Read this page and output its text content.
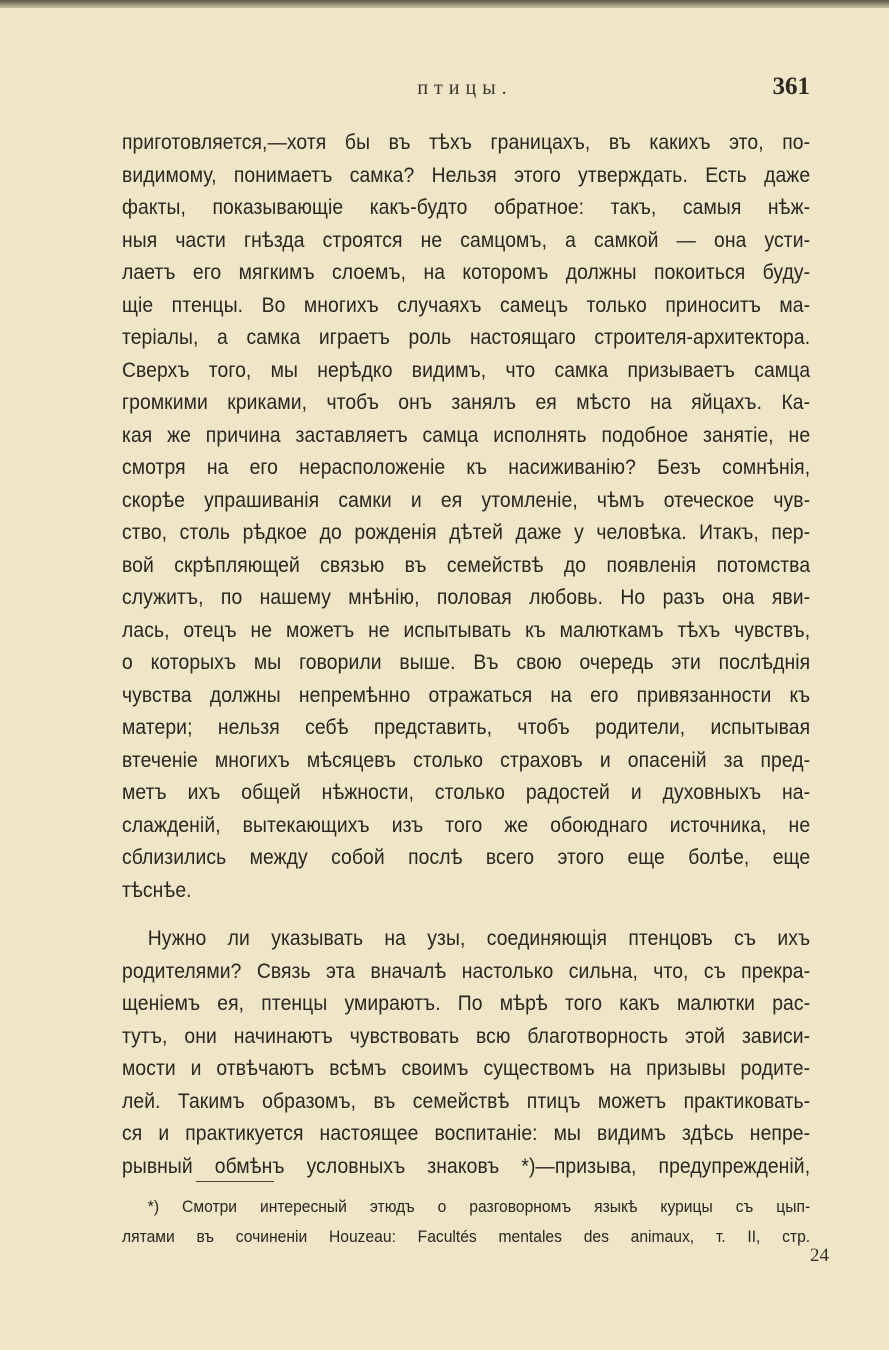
птицы.	361
приготовляется,—хотя бы въ тѣхъ границахъ, въ какихъ это, по-
видимому, понимаетъ самка? Нельзя этого утверждать. Есть даже
факты, показывающіе какъ-будто обратное: такъ, самыя нѣж-
ныя части гнѣзда строятся не самцомъ, а самкой — она усти-
лаетъ его мягкимъ слоемъ, на которомъ должны покоиться буду-
щіе птенцы. Во многихъ случаяхъ самецъ только приноситъ ма-
теріалы, а самка играетъ роль настоящаго строителя-архитектора.
Сверхъ того, мы нерѣдко видимъ, что самка призываетъ самца
громкими криками, чтобъ онъ занялъ ея мѣсто на яйцахъ. Ка-
кая же причина заставляетъ самца исполнять подобное занятіе, не
смотря на его нерасположеніе къ насиживанію? Безъ сомнѣнія,
скорѣе упрашиванія самки и ея утомленіе, чѣмъ отеческое чув-
ство, столь рѣдкое до рожденія дѣтей даже у человѣка. Итакъ, пер-
вой скрѣпляющей связью въ семействѣ до появленія потомства
служитъ, по нашему мнѣнію, половая любовь. Но разъ она яви-
лась, отецъ не можетъ не испытывать къ малюткамъ тѣхъ чувствъ,
о которыхъ мы говорили выше. Въ свою очередь эти послѣднія
чувства должны непремѣнно отражаться на его привязанности къ
матери; нельзя себѣ представить, чтобъ родители, испытывая
втеченіе многихъ мѣсяцевъ столько страховъ и опасеній за пред-
метъ ихъ общей нѣжности, столько радостей и духовныхъ на-
слажденій, вытекающихъ изъ того же обоюднаго источника, не
сблизились между собой послѣ всего этого еще болѣе, еще
тѣснѣе.
Нужно ли указывать на узы, соединяющія птенцовъ съ ихъ
родителями? Связь эта вначалѣ настолько сильна, что, съ прекра-
щеніемъ ея, птенцы умираютъ. По мѣрѣ того какъ малютки рас-
тутъ, они начинаютъ чувствовать всю благотворность этой зависи-
мости и отвѣчаютъ всѣмъ своимъ существомъ на призывы родите-
лей. Такимъ образомъ, въ семействѣ птицъ можетъ практиковать-
ся и практикуется настоящее воспитаніе: мы видимъ здѣсь непре-
рывный обмѣнъ условныхъ знаковъ *)—призыва, предупрежденій,
*) Смотри интересный этюдъ о разговорномъ языкѣ курицы съ цып-
лятами въ сочиненіи Houzeau: Facultés mentales des animaux, т. II, стр.
24
